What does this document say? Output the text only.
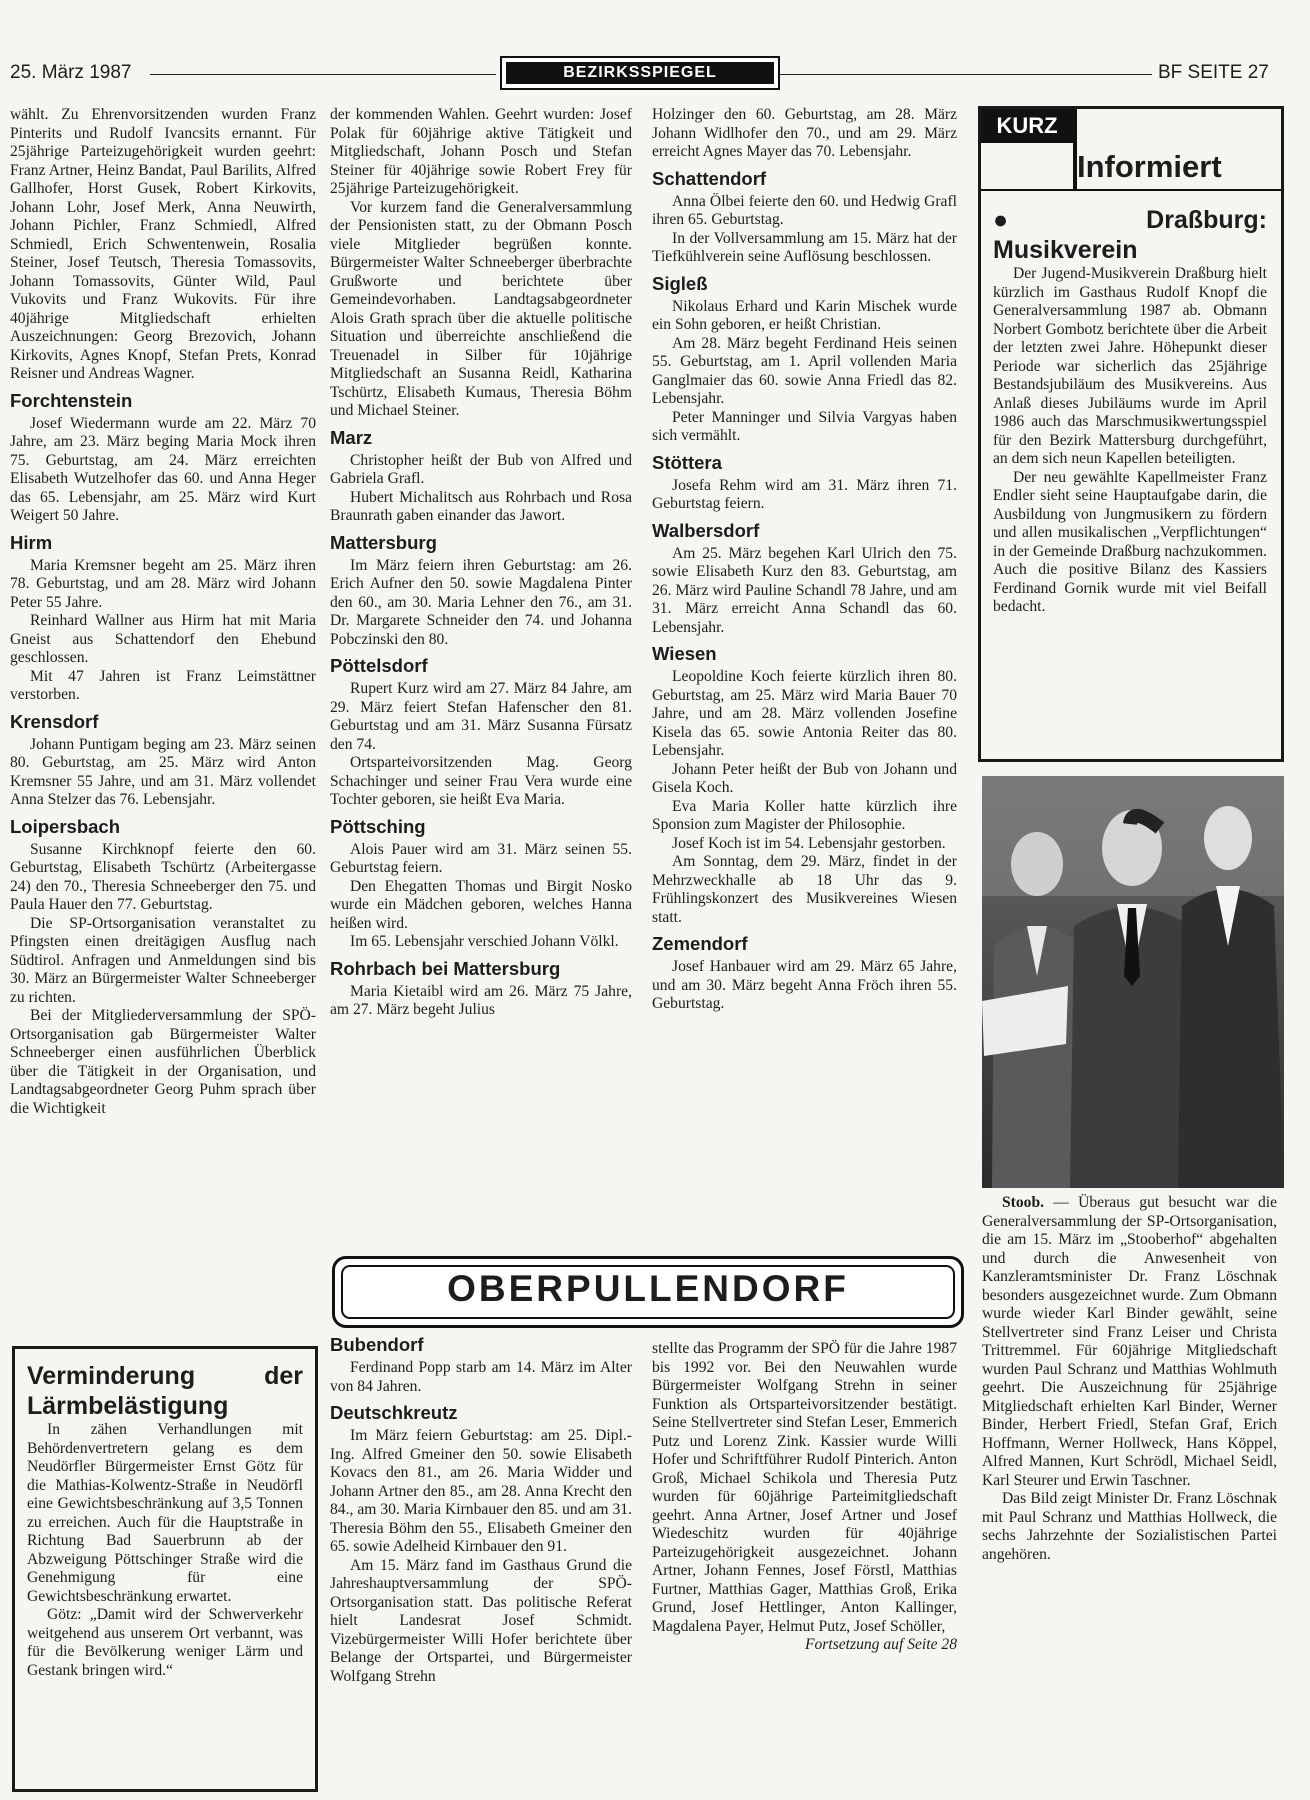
25. März 1987	BEZIRKSSPIEGEL	BF SEITE 27

wählt. Zu Ehrenvorsitzenden wurden Franz Pinterits und Rudolf Ivancsits ernannt. Für 25jährige Parteizugehörigkeit wurden geehrt: Franz Artner, Heinz Bandat, Paul Barilits, Alfred Gallhofer, Horst Gusek, Robert Kirkovits, Johann Lohr, Josef Merk, Anna Neuwirth, Johann Pichler, Franz Schmiedl, Alfred Schmiedl, Erich Schwentenwein, Rosalia Steiner, Josef Teutsch, Theresia Tomassovits, Johann Tomassovits, Günter Wild, Paul Vukovits und Franz Wukovits. Für ihre 40jährige Mitgliedschaft erhielten Auszeichnungen: Georg Brezovich, Johann Kirkovits, Agnes Knopf, Stefan Prets, Konrad Reisner und Andreas Wagner.

Forchtenstein

Josef Wiedermann wurde am 22. März 70 Jahre, am 23. März beging Maria Mock ihren 75. Geburtstag, am 24. März erreichten Elisabeth Wutzelhofer das 60. und Anna Heger das 65. Lebensjahr, am 25. März wird Kurt Weigert 50 Jahre.

Hirm

Maria Kremsner begeht am 25. März ihren 78. Geburtstag, und am 28. März wird Johann Peter 55 Jahre.

Reinhard Wallner aus Hirm hat mit Maria Gneist aus Schattendorf den Ehebund geschlossen.

Mit 47 Jahren ist Franz Leimstättner verstorben.

Krensdorf

Johann Puntigam beging am 23. März seinen 80. Geburtstag, am 25. März wird Anton Kremsner 55 Jahre, und am 31. März vollendet Anna Stelzer das 76. Lebensjahr.

Loipersbach

Susanne Kirchknopf feierte den 60. Geburtstag, Elisabeth Tschürtz (Arbeitergasse 24) den 70., Theresia Schneeberger den 75. und Paula Hauer den 77. Geburtstag.

Die SP-Ortsorganisation veranstaltet zu Pfingsten einen dreitägigen Ausflug nach Südtirol. Anfragen und Anmeldungen sind bis 30. März an Bürgermeister Walter Schneeberger zu richten.

Bei der Mitgliederversammlung der SPÖ-Ortsorganisation gab Bürgermeister Walter Schneeberger einen ausführlichen Überblick über die Tätigkeit in der Organisation, und Landtagsabgeordneter Georg Puhm sprach über die Wichtigkeit

Verminderung der Lärmbelästigung

In zähen Verhandlungen mit Behördenvertretern gelang es dem Neudörfler Bürgermeister Ernst Götz für die Mathias-Kolwentz-Straße in Neudörfl eine Gewichtsbeschränkung auf 3,5 Tonnen zu erreichen. Auch für die Hauptstraße in Richtung Bad Sauerbrunn ab der Abzweigung Pöttschinger Straße wird die Genehmigung für eine Gewichtsbeschränkung erwartet.

Götz: „Damit wird der Schwerverkehr weitgehend aus unserem Ort verbannt, was für die Bevölkerung weniger Lärm und Gestank bringen wird.“

der kommenden Wahlen. Geehrt wurden: Josef Polak für 60jährige aktive Tätigkeit und Mitgliedschaft, Johann Posch und Stefan Steiner für 40jährige sowie Robert Frey für 25jährige Parteizugehörigkeit.

Vor kurzem fand die Generalversammlung der Pensionisten statt, zu der Obmann Posch viele Mitglieder begrüßen konnte. Bürgermeister Walter Schneeberger überbrachte Grußworte und berichtete über Gemeindevorhaben. Landtagsabgeordneter Alois Grath sprach über die aktuelle politische Situation und überreichte anschließend die Treuenadel in Silber für 10jährige Mitgliedschaft an Susanna Reidl, Katharina Tschürtz, Elisabeth Kumaus, Theresia Böhm und Michael Steiner.

Marz

Christopher heißt der Bub von Alfred und Gabriela Grafl.

Hubert Michalitsch aus Rohrbach und Rosa Braunrath gaben einander das Jawort.

Mattersburg

Im März feiern ihren Geburtstag: am 26. Erich Aufner den 50. sowie Magdalena Pinter den 60., am 30. Maria Lehner den 76., am 31. Dr. Margarete Schneider den 74. und Johanna Pobczinski den 80.

Pöttelsdorf

Rupert Kurz wird am 27. März 84 Jahre, am 29. März feiert Stefan Hafenscher den 81. Geburtstag und am 31. März Susanna Fürsatz den 74.

Ortsparteivorsitzenden Mag. Georg Schachinger und seiner Frau Vera wurde eine Tochter geboren, sie heißt Eva Maria.

Pöttsching

Alois Pauer wird am 31. März seinen 55. Geburtstag feiern.

Den Ehegatten Thomas und Birgit Nosko wurde ein Mädchen geboren, welches Hanna heißen wird.

Im 65. Lebensjahr verschied Johann Völkl.

Rohrbach bei Mattersburg

Maria Kietaibl wird am 26. März 75 Jahre, am 27. März begeht Julius

Holzinger den 60. Geburtstag, am 28. März Johann Widlhofer den 70., und am 29. März erreicht Agnes Mayer das 70. Lebensjahr.

Schattendorf

Anna Ölbei feierte den 60. und Hedwig Grafl ihren 65. Geburtstag.

In der Vollversammlung am 15. März hat der Tiefkühlverein seine Auflösung beschlossen.

Sigleß

Nikolaus Erhard und Karin Mischek wurde ein Sohn geboren, er heißt Christian.

Am 28. März begeht Ferdinand Heis seinen 55. Geburtstag, am 1. April vollenden Maria Ganglmaier das 60. sowie Anna Friedl das 82. Lebensjahr.

Peter Manninger und Silvia Vargyas haben sich vermählt.

Stöttera

Josefa Rehm wird am 31. März ihren 71. Geburtstag feiern.

Walbersdorf

Am 25. März begehen Karl Ulrich den 75. sowie Elisabeth Kurz den 83. Geburtstag, am 26. März wird Pauline Schandl 78 Jahre, und am 31. März erreicht Anna Schandl das 60. Lebensjahr.

Wiesen

Leopoldine Koch feierte kürzlich ihren 80. Geburtstag, am 25. März wird Maria Bauer 70 Jahre, und am 28. März vollenden Josefine Kisela das 65. sowie Antonia Reiter das 80. Lebensjahr.

Johann Peter heißt der Bub von Johann und Gisela Koch.

Eva Maria Koller hatte kürzlich ihre Sponsion zum Magister der Philosophie.

Josef Koch ist im 54. Lebensjahr gestorben.

Am Sonntag, dem 29. März, findet in der Mehrzweckhalle ab 18 Uhr das 9. Frühlingskonzert des Musikvereines Wiesen statt.

Zemendorf

Josef Hanbauer wird am 29. März 65 Jahre, und am 30. März begeht Anna Fröch ihren 55. Geburtstag.

KURZ
Informiert
● Draßburg: Musikverein

Der Jugend-Musikverein Draßburg hielt kürzlich im Gasthaus Rudolf Knopf die Generalversammlung 1987 ab. Obmann Norbert Gombotz berichtete über die Arbeit der letzten zwei Jahre. Höhepunkt dieser Periode war sicherlich das 25jährige Bestandsjubiläum des Musikvereins. Aus Anlaß dieses Jubiläums wurde im April 1986 auch das Marschmusikwertungsspiel für den Bezirk Mattersburg durchgeführt, an dem sich neun Kapellen beteiligten.

Der neu gewählte Kapellmeister Franz Endler sieht seine Hauptaufgabe darin, die Ausbildung von Jungmusikern zu fördern und allen musikalischen „Verpflichtungen“ in der Gemeinde Draßburg nachzukommen. Auch die positive Bilanz des Kassiers Ferdinand Gornik wurde mit viel Beifall bedacht.

Stoob. — Überaus gut besucht war die Generalversammlung der SP-Ortsorganisation, die am 15. März im „Stooberhof“ abgehalten und durch die Anwesenheit von Kanzleramtsminister Dr. Franz Löschnak besonders ausgezeichnet wurde. Zum Obmann wurde wieder Karl Binder gewählt, seine Stellvertreter sind Franz Leiser und Christa Trittremmel. Für 60jährige Mitgliedschaft wurden Paul Schranz und Matthias Wohlmuth geehrt. Die Auszeichnung für 25jährige Mitgliedschaft erhielten Karl Binder, Werner Binder, Herbert Friedl, Stefan Graf, Erich Hoffmann, Werner Hollweck, Hans Köppel, Alfred Mannen, Kurt Schrödl, Michael Seidl, Karl Steurer und Erwin Taschner.

Das Bild zeigt Minister Dr. Franz Löschnak mit Paul Schranz und Matthias Hollweck, die sechs Jahrzehnte der Sozialistischen Partei angehören.

OBERPULLENDORF
Bubendorf

Ferdinand Popp starb am 14. März im Alter von 84 Jahren.

Deutschkreutz

Im März feiern Geburtstag: am 25. Dipl.-Ing. Alfred Gmeiner den 50. sowie Elisabeth Kovacs den 81., am 26. Maria Widder und Johann Artner den 85., am 28. Anna Krecht den 84., am 30. Maria Kirnbauer den 85. und am 31. Theresia Böhm den 55., Elisabeth Gmeiner den 65. sowie Adelheid Kirnbauer den 91.

Am 15. März fand im Gasthaus Grund die Jahreshauptversammlung der SPÖ-Ortsorganisation statt. Das politische Referat hielt Landesrat Josef Schmidt. Vizebürgermeister Willi Hofer berichtete über Belange der Ortspartei, und Bürgermeister Wolfgang Strehn

stellte das Programm der SPÖ für die Jahre 1987 bis 1992 vor. Bei den Neuwahlen wurde Bürgermeister Wolfgang Strehn in seiner Funktion als Ortsparteivorsitzender bestätigt. Seine Stellvertreter sind Stefan Leser, Emmerich Putz und Lorenz Zink. Kassier wurde Willi Hofer und Schriftführer Rudolf Pinterich. Anton Groß, Michael Schikola und Theresia Putz wurden für 60jährige Parteimitgliedschaft geehrt. Anna Artner, Josef Artner und Josef Wiedeschitz wurden für 40jährige Parteizugehörigkeit ausgezeichnet. Johann Artner, Johann Fennes, Josef Förstl, Matthias Furtner, Matthias Gager, Matthias Groß, Erika Grund, Josef Hettlinger, Anton Kallinger, Magdalena Payer, Helmut Putz, Josef Schöller,

Fortsetzung auf Seite 28
